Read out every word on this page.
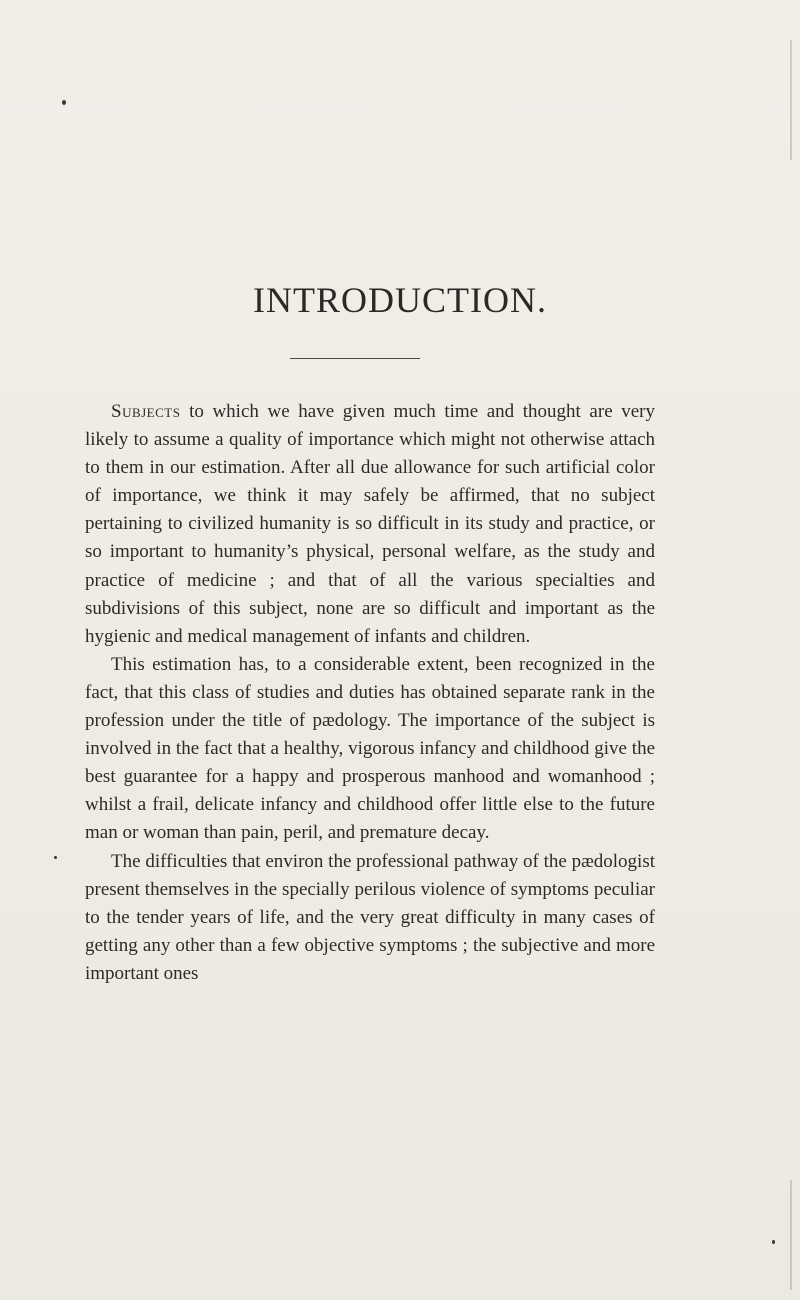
INTRODUCTION.

Subjects to which we have given much time and thought are very likely to assume a quality of importance which might not otherwise attach to them in our estimation. After all due allowance for such artificial color of importance, we think it may safely be affirmed, that no subject pertaining to civilized humanity is so difficult in its study and practice, or so important to humanity’s physical, personal welfare, as the study and practice of medicine ; and that of all the various specialties and subdivisions of this subject, none are so difficult and important as the hygienic and medical management of infants and children.

This estimation has, to a considerable extent, been recognized in the fact, that this class of studies and duties has obtained separate rank in the profession under the title of pædology. The importance of the subject is involved in the fact that a healthy, vigorous infancy and childhood give the best guarantee for a happy and prosperous manhood and womanhood ; whilst a frail, delicate infancy and childhood offer little else to the future man or woman than pain, peril, and premature decay.

The difficulties that environ the professional pathway of the pædologist present themselves in the specially perilous violence of symptoms peculiar to the tender years of life, and the very great difficulty in many cases of getting any other than a few objective symptoms ; the subjective and more important ones
